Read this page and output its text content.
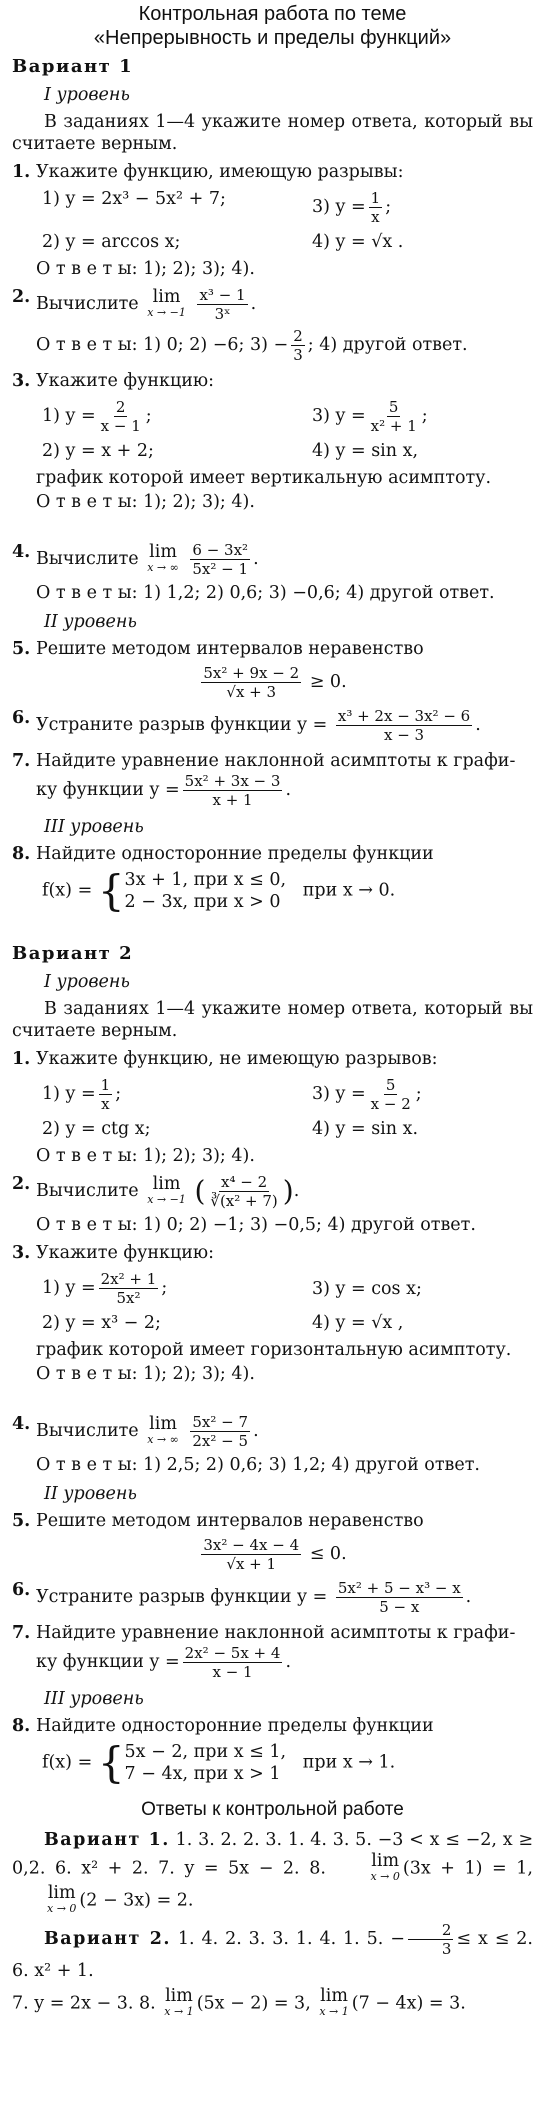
Контрольная работа по теме
«Непрерывность и пределы функций»
Вариант 1
I уровень
В заданиях 1—4 укажите номер ответа, который вы считаете верным.
1. Укажите функцию, имеющую разрывы:
1) y = 2x³ − 5x² + 7;	3) $y = \frac{1}{x}$ ;
2) y = arccos x;	4) y = √x .
О т в е т ы: 1); 2); 3); 4).
2. Вычислите lim
x → −1
$\frac{\text{x³ − 1}}{\text{3ˣ}}$ .
О т в е т ы: 1) 0; 2) −6; $3) - \frac{2}{3}$ ; 4) другой ответ.
3. Укажите функцию:
1) $y = \frac{2}{x - 1}$ ;	3) $y = \frac{5}{\text{x² + 1}}$ ;
2) y = x + 2;	4) y = sin x,
график которой имеет вертикальную асимптоту.
О т в е т ы: 1); 2); 3); 4).
4. Вычислите lim
x → ∞
$\frac{\text{6 − 3x²}}{\text{5x² − 1}}$ .
О т в е т ы: 1) 1,2; 2) 0,6; 3) −0,6; 4) другой ответ.
II уровень
5. Решите методом интервалов неравенство
$\frac{\text{5x² + 9x − 2}}{√x + 3} \ge 0$.
6. Устраните разрыв функции $y = \frac{\text{x³ + 2x − 3x² − 6}}{x - 3}$ .
7. Найдите уравнение наклонной асимптоты к графи-
ку функции $y = \frac{\text{5x² + 3x − 3}}{x + 1}$ .
III уровень
8. Найдите односторонние пределы функции
f(x) = { 3x + 1, при x ≤ 0,
2 − 3x, при x > 0
при x → 0.
Вариант 2
I уровень
В заданиях 1—4 укажите номер ответа, который вы считаете верным.
1. Укажите функцию, не имеющую разрывов:
1) $y = \frac{1}{x}$ ;	3) $y = \frac{5}{x - 2}$ ;
2) y = ctg x;	4) y = sin x.
О т в е т ы: 1); 2); 3); 4).
2. Вычислите lim
x → −1 ( $\frac{\text{x⁴ − 2}}{\text{∛(x² + 7)}}$ ).
О т в е т ы: 1) 0; 2) −1; 3) −0,5; 4) другой ответ.
3. Укажите функцию:
1) $y = \frac{\text{2x² + 1}}{\text{5x²}}$ ;	3) y = cos x;
2) y = x³ − 2;	4) y = √x ,
график которой имеет горизонтальную асимптоту.
О т в е т ы: 1); 2); 3); 4).
4. Вычислите lim
x → ∞
$\frac{\text{5x² − 7}}{\text{2x² − 5}}$ .
О т в е т ы: 1) 2,5; 2) 0,6; 3) 1,2; 4) другой ответ.
II уровень
5. Решите методом интервалов неравенство
$\frac{\text{3x² − 4x − 4}}{√x + 1} \le 0$.
6. Устраните разрыв функции $y = \frac{\text{5x² + 5 − x³ − x}}{5 - x}$ .
7. Найдите уравнение наклонной асимптоты к графи-
ку функции $y = \frac{\text{2x² − 5x + 4}}{x - 1}$ .
III уровень
8. Найдите односторонние пределы функции
f(x) = { 5x − 2, при x ≤ 1,
7 − 4x, при x > 1
при x → 1.
Ответы к контрольной работе
Вариант 1. 1. 3. 2. 2. 3. 1. 4. 3. 5. −3 < x ≤ −2, x ≥ 0,2. 6. x² + 2. 7. y = 5x − 2. 8.	lim
x → 0 (3x + 1) = 1,
lim
x → 0 (2 − 3x) = 2.
Вариант 2. 1. 4. 2. 3. 3. 1. 4. 1. 5. − $\frac{2}{3} \le x \le 2$. 6. x² + 1.
7. y = 2x − 3. 8. lim
x → 1 (5x − 2) = 3, lim
x → 1 (7 − 4x) = 3.
